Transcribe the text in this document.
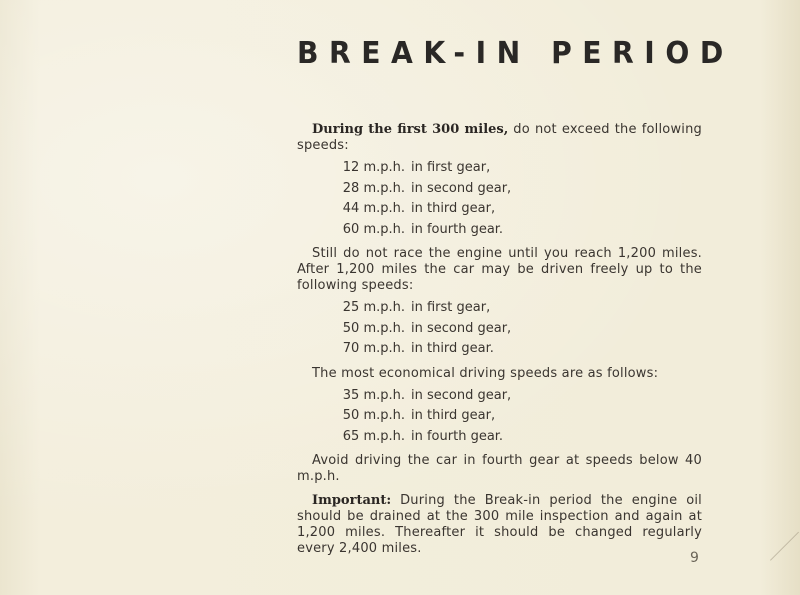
BREAK-IN PERIOD

During the first 300 miles, do not exceed the following speeds:

12 m.p.h. in first gear,
28 m.p.h. in second gear,
44 m.p.h. in third gear,
60 m.p.h. in fourth gear.

Still do not race the engine until you reach 1,200 miles. After 1,200 miles the car may be driven freely up to the following speeds:

25 m.p.h. in first gear,
50 m.p.h. in second gear,
70 m.p.h. in third gear.

The most economical driving speeds are as follows:

35 m.p.h. in second gear,
50 m.p.h. in third gear,
65 m.p.h. in fourth gear.

Avoid driving the car in fourth gear at speeds below 40 m.p.h.

Important: During the Break-in period the engine oil should be drained at the 300 mile inspection and again at 1,200 miles. Thereafter it should be changed regularly every 2,400 miles.

9
